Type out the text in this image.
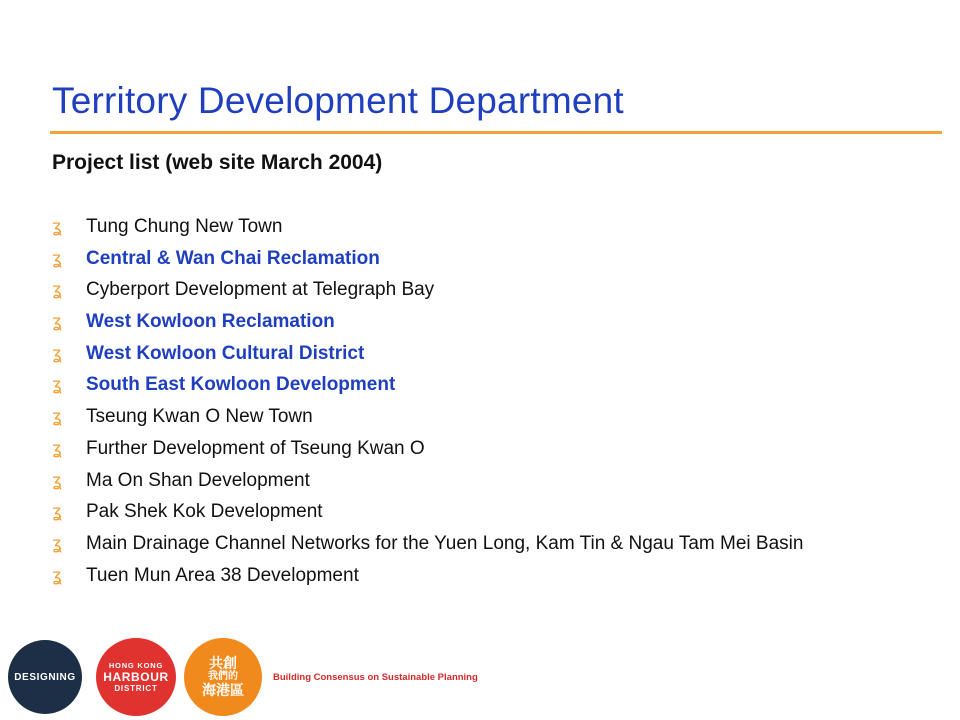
Territory Development Department
Project list (web site March 2004)
ʓ	Tung Chung New Town
ʓ	Central & Wan Chai Reclamation
ʓ	Cyberport Development at Telegraph Bay
ʓ	West Kowloon Reclamation
ʓ	West Kowloon Cultural District
ʓ	South East Kowloon Development
ʓ	Tseung Kwan O New Town
ʓ	Further Development of Tseung Kwan O
ʓ	Ma On Shan Development
ʓ	Pak Shek Kok Development
ʓ	Main Drainage Channel Networks for the Yuen Long, Kam Tin & Ngau Tam Mei Basin
ʓ	Tuen Mun Area 38 Development
DESIGNING
HONG KONG
HARBOUR
DISTRICT
共創
我們的
海港區
Building Consensus on Sustainable Planning
